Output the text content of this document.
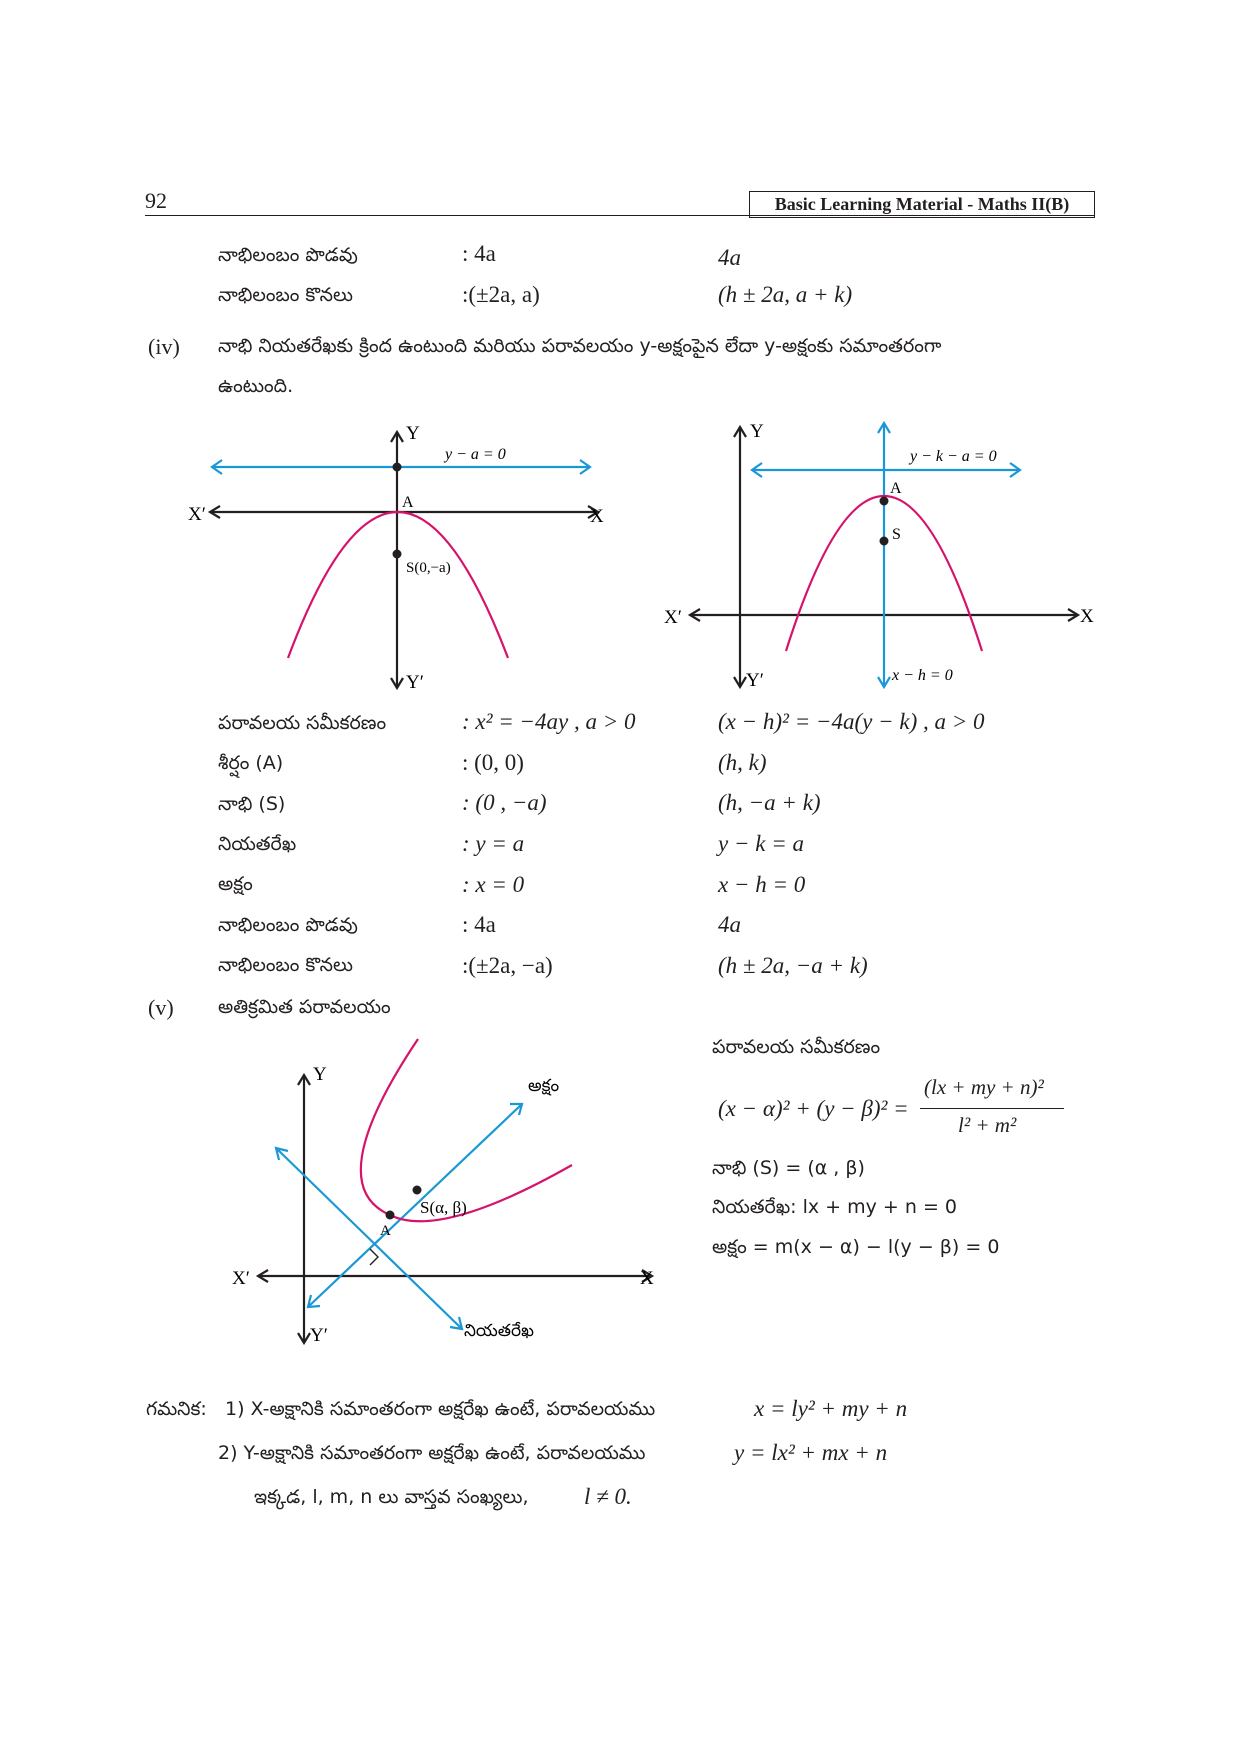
92	Basic Learning Material - Maths II(B)
నాభిలంబం పొడవు	: 4a	4a
నాభిలంబం కొనలు	:(±2a, a)	(h ± 2a, a + k)
(iv) నాభి నియతరేఖకు క్రింద ఉంటుంది మరియు పరావలయం y-అక్షంపైన లేదా y-అక్షంకు సమాంతరంగా
ఉంటుంది.
Y
Y′
X
X′
y − a = 0
A
S(0,−a)
Y
Y′
X
X′
y − k − a = 0
A
S
x − h = 0
పరావలయ సమీకరణం	: x² = −4ay , a > 0	(x − h)² = −4a(y − k) , a > 0
శీర్షం (A)	: (0, 0)	(h, k)
నాభి (S)	: (0 , −a)	(h, −a + k)
నియతరేఖ	: y = a	y − k = a
అక్షం	: x = 0	x − h = 0
నాభిలంబం పొడవు	: 4a	4a
నాభిలంబం కొనలు	:(±2a, −a)	(h ± 2a, −a + k)
(v) అతిక్రమిత పరావలయం
Y
Y′
X
X′
అక్షం
నియతరేఖ
A
S(α, β)
పరావలయ సమీకరణం
(x − α)² + (y − β)² =
(lx + my + n)²
l² + m²
నాభి (S) = (α , β)
నియతరేఖ: lx + my + n = 0
అక్షం = m(x − α) − l(y − β) = 0
గమనిక: 1) X-అక్షానికి సమాంతరంగా అక్షరేఖ ఉంటే, పరావలయము	x = ly² + my + n
2) Y-అక్షానికి సమాంతరంగా అక్షరేఖ ఉంటే, పరావలయము	y = lx² + mx + n
ఇక్కడ, l, m, n లు వాస్తవ సంఖ్యలు, l ≠ 0.
